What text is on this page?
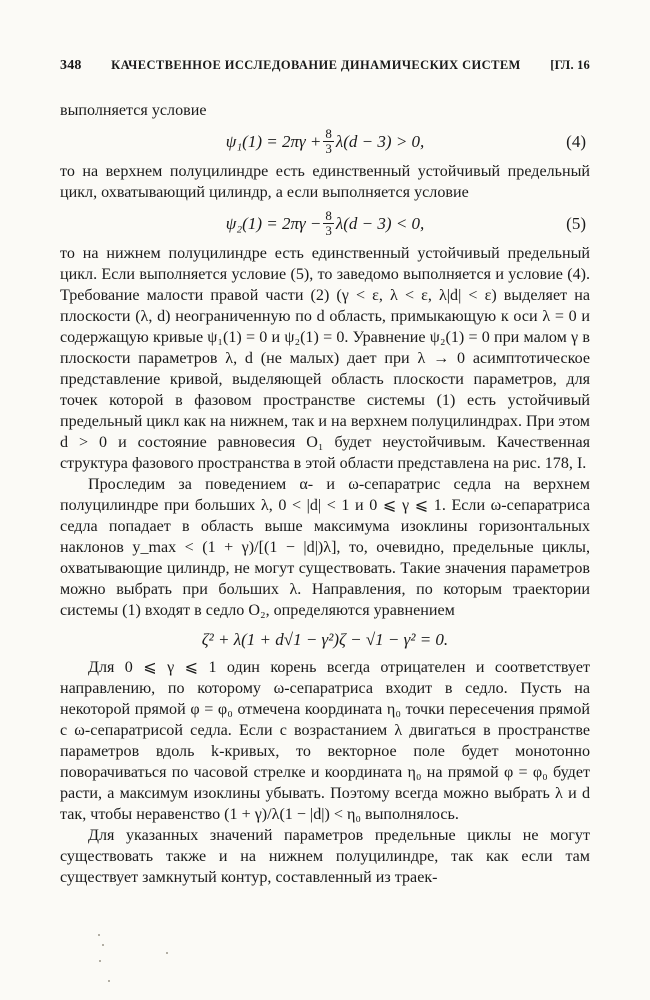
348 КАЧЕСТВЕННОЕ ИССЛЕДОВАНИЕ ДИНАМИЧЕСКИХ СИСТЕМ [ГЛ. 16

выполняется условие

$\psi_1(1) = 2\pi\gamma + \frac{8}{3} \lambda(d - 3) > 0$,	(4)

то на верхнем полуцилиндре есть единственный устойчивый предельный цикл, охватывающий цилиндр, а если выполняется условие

$\psi_2(1) = 2\pi\gamma - \frac{8}{3} \lambda(d - 3) < 0$,	(5)

то на нижнем полуцилиндре есть единственный устойчивый предельный цикл. Если выполняется условие (5), то заведомо выполняется и условие (4). Требование малости правой части (2) (γ < ε, λ < ε, λ|d| < ε) выделяет на плоскости (λ, d) неограниченную по d область, примыкающую к оси λ = 0 и содержащую кривые ψ₁(1) = 0 и ψ₂(1) = 0. Уравнение ψ₂(1) = 0 при малом γ в плоскости параметров λ, d (не малых) дает при λ → 0 асимптотическое представление кривой, выделяющей область плоскости параметров, для точек которой в фазовом пространстве системы (1) есть устойчивый предельный цикл как на нижнем, так и на верхнем полуцилиндрах. При этом d > 0 и состояние равновесия O₁ будет неустойчивым. Качественная структура фазового пространства в этой области представлена на рис. 178, I.

Проследим за поведением α- и ω-сепаратрис седла на верхнем полуцилиндре при больших λ, 0 < |d| < 1 и 0 ⩽ γ ⩽ 1. Если ω-сепаратриса седла попадает в область выше максимума изоклины горизонтальных наклонов y_max < (1 + γ)/[(1 − |d|)λ], то, очевидно, предельные циклы, охватывающие цилиндр, не могут существовать. Такие значения параметров можно выбрать при больших λ. Направления, по которым траектории системы (1) входят в седло O₂, определяются уравнением

ζ² + λ(1 + d√1 − γ²)ζ − √1 − γ² = 0.

Для 0 ⩽ γ ⩽ 1 один корень всегда отрицателен и соответствует направлению, по которому ω-сепаратриса входит в седло. Пусть на некоторой прямой φ = φ₀ отмечена координата η₀ точки пересечения прямой с ω-сепаратрисой седла. Если с возрастанием λ двигаться в пространстве параметров вдоль k-кривых, то векторное поле будет монотонно поворачиваться по часовой стрелке и координата η₀ на прямой φ = φ₀ будет расти, а максимум изоклины убывать. Поэтому всегда можно выбрать λ и d так, чтобы неравенство (1 + γ)/λ(1 − |d|) < η₀ выполнялось.

Для указанных значений параметров предельные циклы не могут существовать также и на нижнем полуцилиндре, так как если там существует замкнутый контур, составленный из траек-
